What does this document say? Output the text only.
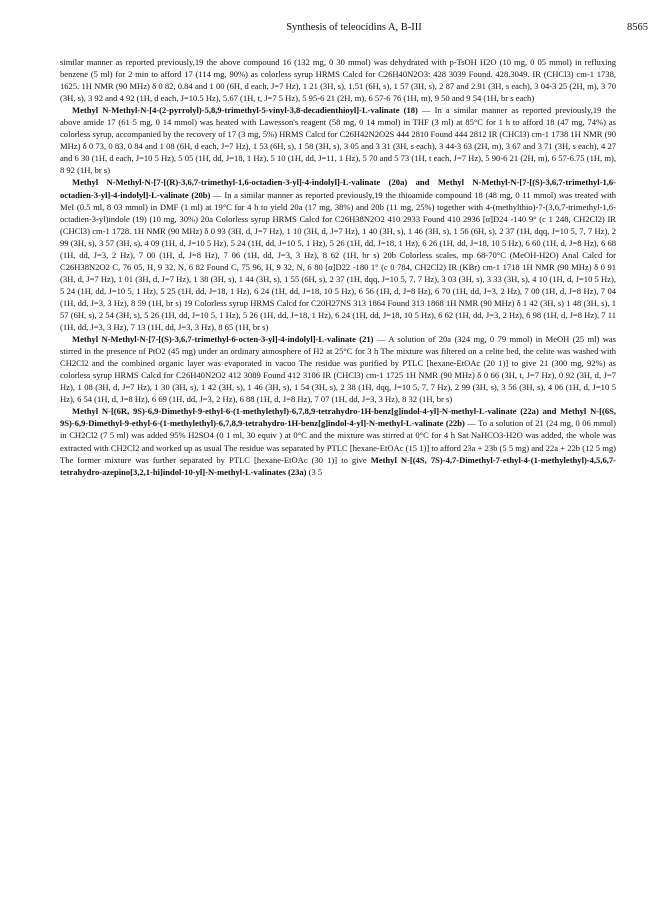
Synthesis of teleocidins A, B-III	8565

similar manner as reported previously,19 the above compound 16 (132 mg, 0 30 mmol) was dehydrated with p-TsOH H2O (10 mg, 0 05 mmol) in refluxing benzene (5 ml) for 2 min to afford 17 (114 mg, 90%) as colorless syrup HRMS Calcd for C26H40N2O3: 428 3039 Found. 428.3049. IR (CHCl3) cm-1 1738, 1625. 1H NMR (90 MHz) δ 0 82, 0.84 and 1 00 (6H, d each, J=7 Hz), 1 21 (3H, s), 1.51 (6H, s), 1 57 (3H, s), 2 87 and 2.91 (3H, s each), 3 04-3 25 (2H, m), 3 70 (3H, s), 3 92 and 4 92 (1H, d each, J=10.5 Hz), 5.67 (1H, t, J=7 5 Hz), 5 95-6 21 (2H, m), 6 57-6 76 (1H, m), 9 50 and 9 54 (1H, br s each)

Methyl N-Methyl-N-[4-(2-pyrrolyl)-5,8,9-trimethyl-5-vinyl-3,8-decadienthioyl]-L-valinate (18) — In a similar manner as reported previously,19 the above amide 17 (61 5 mg, 0 14 mmol) was heated with Lawesson's reagent (58 mg, 0 14 mmol) in THF (3 ml) at 85°C for 1 h to afford 18 (47 mg, 74%) as colorless syrup, accompanied by the recovery of 17 (3 mg, 5%) HRMS Calcd for C26H42N2O2S 444 2810 Found 444 2812 IR (CHCl3) cm-1 1738 1H NMR (90 MHz) δ 0 73, 0 83, 0 84 and 1 08 (6H, d each, J=7 Hz), 1 53 (6H, s), 1 58 (3H, s), 3 05 and 3 31 (3H, s each), 3 44-3 63 (2H, m), 3 67 and 3 71 (3H, s each), 4 27 and 6 30 (1H, d each, J=10 5 Hz), 5 05 (1H, dd, J=18, 1 Hz), 5 10 (1H, dd, J=11, 1 Hz), 5 70 and 5 73 (1H, t each, J=7 Hz), 5 90-6 21 (2H, m), 6 57-6.75 (1H, m), 8 92 (1H, br s)

Methyl N-Methyl-N-[7-[(R)-3,6,7-trimethyl-1,6-octadien-3-yl]-4-indolyl]-L-valinate (20a) and Methyl N-Methyl-N-[7-[(S)-3,6,7-trimethyl-1,6-octadien-3-yl]-4-indolyl]-L-valinate (20b) — In a similar manner as reported previously,19 the thioamide compound 18 (48 mg, 0 11 mmol) was treated with MeI (0.5 ml, 8 03 mmol) in DMF (1 ml) at 19°C for 4 h to yield 20a (17 mg, 38%) and 20b (11 mg, 25%) together with 4-(methylthio)-7-(3,6,7-trimethyl-1,6-octadien-3-yl)indole (19) (10 mg, 30%) 20a Colorless syrup HRMS Calcd for C26H38N2O2 410 2933 Found 410 2936 [α]D24 -140 9° (c 1 248, CH2Cl2) IR (CHCl3) cm-1 1728. 1H NMR (90 MHz) δ 0 93 (3H, d, J=7 Hz), 1 10 (3H, d, J=7 Hz), 1 40 (3H, s), 1 46 (3H, s), 1 56 (6H, s), 2 37 (1H, dqq, J=10 5, 7, 7 Hz), 2 99 (3H, s), 3 57 (3H, s), 4 09 (1H, d, J=10 5 Hz), 5 24 (1H, dd, J=10 5, 1 Hz), 5 26 (1H, dd, J=18, 1 Hz), 6 26 (1H, dd, J=18, 10 5 Hz), 6 60 (1H, d, J=8 Hz), 6 68 (1H, dd, J=3, 2 Hz), 7 00 (1H, d, J=8 Hz), 7 06 (1H, dd, J=3, 3 Hz), 8 62 (1H, br s) 20b Colorless scales, mp 68-70°C (MeOH-H2O) Anal Calcd for C26H38N2O2 C, 76 05, H, 9 32, N, 6 82 Found C, 75 96, H, 9 32, N, 6 80 [α]D22 -180 1° (c 0 784, CH2Cl2) IR (KBr) cm-1 1718 1H NMR (90 MHz) δ 0 91 (3H, d, J=7 Hz), 1 01 (3H, d, J=7 Hz), 1 38 (3H, s), 1 44 (3H, s), 1 55 (6H, s), 2 37 (1H, dqq, J=10 5, 7, 7 Hz), 3 03 (3H, s), 3 33 (3H, s), 4 10 (1H, d, J=10 5 Hz), 5 24 (1H, dd, J=10 5, 1 Hz), 5 25 (1H, dd, J=18, 1 Hz), 6 24 (1H, dd, J=18, 10 5 Hz), 6 56 (1H, d, J=8 Hz), 6 70 (1H, dd, J=3, 2 Hz), 7 00 (1H, d, J=8 Hz), 7 04 (1H, dd, J=3, 3 Hz), 8 59 (1H, br s) 19 Colorless syrup HRMS Calcd for C20H27NS 313 1864 Found 313 1868 1H NMR (90 MHz) δ 1 42 (3H, s) 1 48 (3H, s), 1 57 (6H, s), 2 54 (3H, s), 5 26 (1H, dd, J=10 5, 1 Hz), 5 26 (1H, dd, J=18, 1 Hz), 6 24 (1H, dd, J=18, 10 5 Hz), 6 62 (1H, dd, J=3, 2 Hz), 6 98 (1H, d, J=8 Hz), 7 11 (1H, dd, J=3, 3 Hz), 7 13 (1H, dd, J=3, 3 Hz), 8 65 (1H, br s)

Methyl N-Methyl-N-[7-[(S)-3,6,7-trimethyl-6-octen-3-yl]-4-indolyl]-L-valinate (21) — A solution of 20a (324 mg, 0 79 mmol) in MeOH (25 ml) was stirred in the presence of PtO2 (45 mg) under an ordinary atmosphere of H2 at 25°C for 3 h The mixture was filtered on a celite bed, the celite was washed with CH2Cl2 and the combined organic layer was evaporated in vacuo The residue was purified by PTLC [hexane-EtOAc (20 1)] to give 21 (300 mg, 92%) as colorless syrup HRMS Calcd for C26H40N2O2 412 3089 Found 412 3106 IR (CHCl3) cm-1 1725 1H NMR (90 MHz) δ 0 66 (3H, t, J=7 Hz), 0 92 (3H, d, J=7 Hz), 1 08 (3H, d, J=7 Hz), 1 30 (3H, s), 1 42 (3H, s), 1 46 (3H, s), 1 54 (3H, s), 2 38 (1H, dqq, J=10 5, 7, 7 Hz), 2 99 (3H, s), 3 56 (3H, s), 4 06 (1H, d, J=10 5 Hz), 6 54 (1H, d, J=8 Hz), 6 69 (1H, dd, J=3, 2 Hz), 6 88 (1H, d, J=8 Hz), 7 07 (1H, dd, J=3, 3 Hz), 8 32 (1H, br s)

Methyl N-[(6R, 9S)-6,9-Dimethyl-9-ethyl-6-(1-methylethyl)-6,7,8,9-tetrahydro-1H-benz[g]indol-4-yl]-N-methyl-L-valinate (22a) and Methyl N-[(6S, 9S)-6,9-Dimethyl-9-ethyl-6-(1-methylethyl)-6,7,8,9-tetrahydro-1H-benz[g]indol-4-yl]-N-methyl-L-valinate (22b) — To a solution of 21 (24 mg, 0 06 mmol) in CH2Cl2 (7 5 ml) was added 95% H2SO4 (0 1 ml, 30 equiv ) at 0°C and the mixture was stirred at 0°C for 4 h Sat NaHCO3-H2O was added, the whole was extracted with CH2Cl2 and worked up as usual The residue was separated by PTLC [hexane-EtOAc (15 1)] to afford 23a + 23b (5 5 mg) and 22a + 22b (12 5 mg) The former mixture was further separated by PTLC [hexane-EtOAc (30 1)] to give Methyl N-[(4S, 7S)-4,7-Dimethyl-7-ethyl-4-(1-methylethyl)-4,5,6,7-tetrahydro-azepino[3,2,1-hi]indol-10-yl]-N-methyl-L-valinates (23a) (3 5
